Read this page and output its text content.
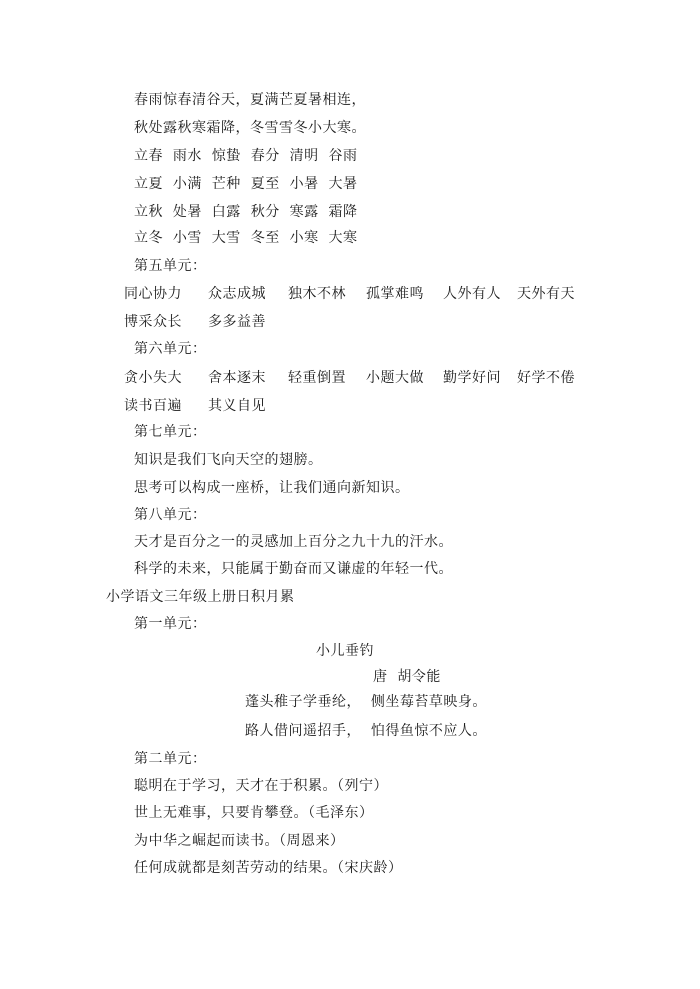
春雨惊春清谷天，夏满芒夏暑相连，
秋处露秋寒霜降，冬雪雪冬小大寒。
立春  雨水  惊蛰  春分  清明  谷雨
立夏  小满  芒种  夏至  小暑  大暑
立秋  处暑  白露  秋分  寒露  霜降
立冬  小雪  大雪  冬至  小寒  大寒
第五单元：
同心协力 众志成城 独木不林 孤掌难鸣 人外有人 天外有天
博采众长 多多益善
第六单元：
贪小失大 舍本逐末 轻重倒置 小题大做 勤学好问 好学不倦
读书百遍 其义自见
第七单元：
知识是我们飞向天空的翅膀。
思考可以构成一座桥，让我们通向新知识。
第八单元：
天才是百分之一的灵感加上百分之九十九的汗水。
科学的未来，只能属于勤奋而又谦虚的年轻一代。
小学语文三年级上册日积月累
第一单元：
小儿垂钓
唐  胡令能
蓬头稚子学垂纶，  侧坐莓苔草映身。
路人借问遥招手，  怕得鱼惊不应人。
第二单元：
聪明在于学习，天才在于积累。（列宁）
世上无难事，只要肯攀登。（毛泽东）
为中华之崛起而读书。（周恩来）
任何成就都是刻苦劳动的结果。（宋庆龄）
